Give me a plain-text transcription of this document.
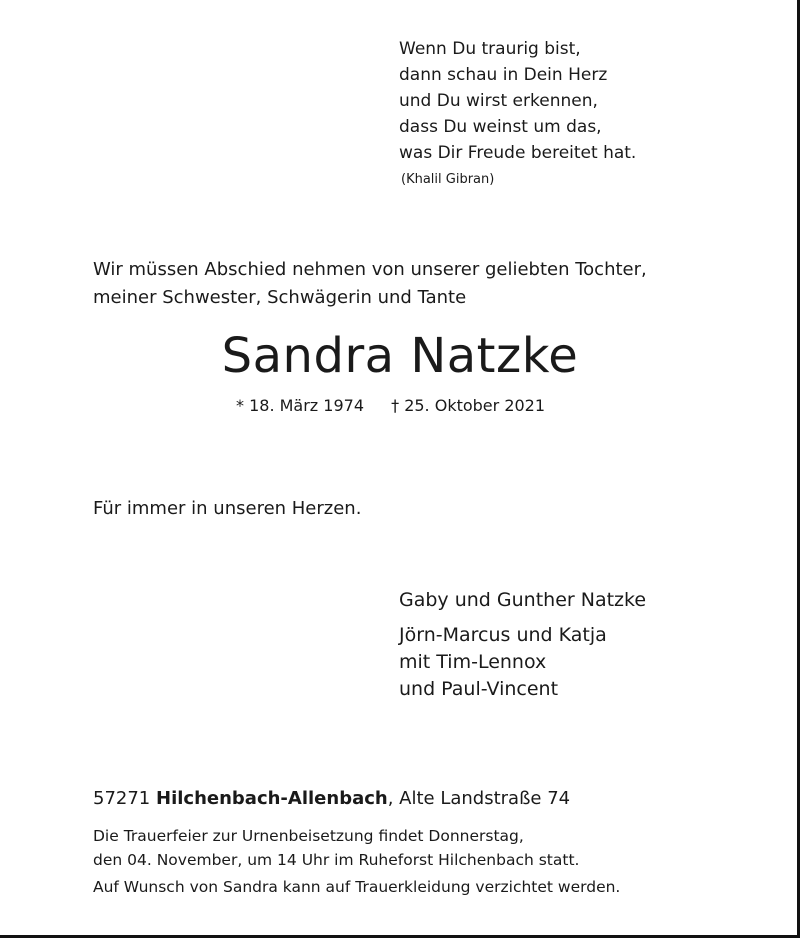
Wenn Du traurig bist,
dann schau in Dein Herz
und Du wirst erkennen,
dass Du weinst um das,
was Dir Freude bereitet hat.
(Khalil Gibran)
Wir müssen Abschied nehmen von unserer geliebten Tochter,
meiner Schwester, Schwägerin und Tante
Sandra Natzke
* 18. März 1974 † 25. Oktober 2021
Für immer in unseren Herzen.
Gaby und Gunther Natzke
Jörn-Marcus und Katja
mit Tim-Lennox
und Paul-Vincent
57271 Hilchenbach-Allenbach, Alte Landstraße 74
Die Trauerfeier zur Urnenbeisetzung findet Donnerstag,
den 04. November, um 14 Uhr im Ruheforst Hilchenbach statt.
Auf Wunsch von Sandra kann auf Trauerkleidung verzichtet werden.
